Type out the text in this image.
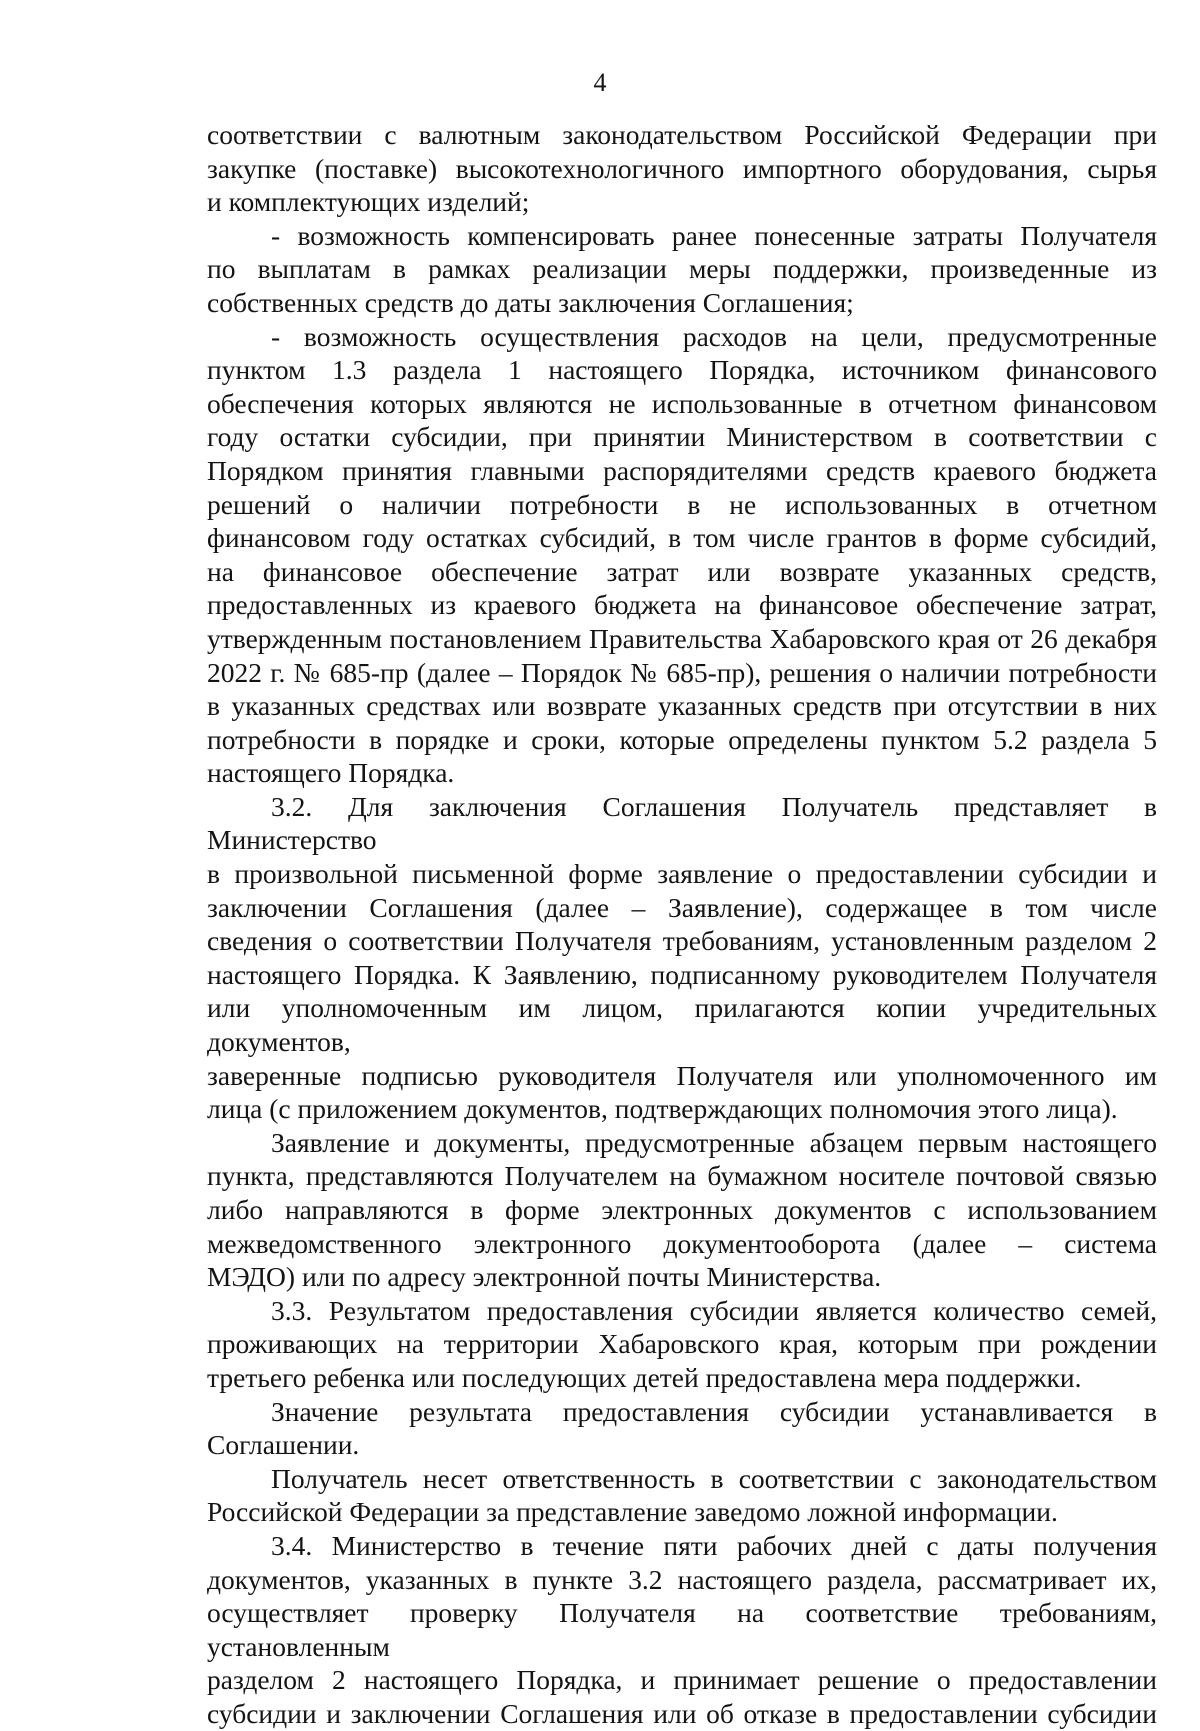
4

соответствии с валютным законодательством Российской Федерации при

закупке (поставке) высокотехнологичного импортного оборудования, сырья

и комплектующих изделий;

- возможность компенсировать ранее понесенные затраты Получателя

по выплатам в рамках реализации меры поддержки, произведенные из

собственных средств до даты заключения Соглашения;

- возможность осуществления расходов на цели, предусмотренные

пунктом 1.3 раздела 1 настоящего Порядка, источником финансового

обеспечения которых являются не использованные в отчетном финансовом

году остатки субсидии, при принятии Министерством в соответствии с

Порядком принятия главными распорядителями средств краевого бюджета

решений о наличии потребности в не использованных в отчетном

финансовом году остатках субсидий, в том числе грантов в форме субсидий,

на финансовое обеспечение затрат или возврате указанных средств,

предоставленных из краевого бюджета на финансовое обеспечение затрат,

утвержденным постановлением Правительства Хабаровского края от 26 декабря

2022 г. № 685-пр (далее – Порядок № 685-пр), решения о наличии потребности

в указанных средствах или возврате указанных средств при отсутствии в них

потребности в порядке и сроки, которые определены пунктом 5.2 раздела 5

настоящего Порядка.

3.2. Для заключения Соглашения Получатель представляет в Министерство

в произвольной письменной форме заявление о предоставлении субсидии и

заключении Соглашения (далее – Заявление), содержащее в том числе

сведения о соответствии Получателя требованиям, установленным разделом 2

настоящего Порядка. К Заявлению, подписанному руководителем Получателя

или уполномоченным им лицом, прилагаются копии учредительных документов,

заверенные подписью руководителя Получателя или уполномоченного им

лица (с приложением документов, подтверждающих полномочия этого лица).

Заявление и документы, предусмотренные абзацем первым настоящего

пункта, представляются Получателем на бумажном носителе почтовой связью

либо направляются в форме электронных документов с использованием

межведомственного электронного документооборота (далее – система

МЭДО) или по адресу электронной почты Министерства.

3.3. Результатом предоставления субсидии является количество семей,

проживающих на территории Хабаровского края, которым при рождении

третьего ребенка или последующих детей предоставлена мера поддержки.

Значение результата предоставления субсидии устанавливается в

Соглашении.

Получатель несет ответственность в соответствии с законодательством

Российской Федерации за представление заведомо ложной информации.

3.4. Министерство в течение пяти рабочих дней с даты получения

документов, указанных в пункте 3.2 настоящего раздела, рассматривает их,

осуществляет проверку Получателя на соответствие требованиям, установленным

разделом 2 настоящего Порядка, и принимает решение о предоставлении

субсидии и заключении Соглашения или об отказе в предоставлении субсидии
